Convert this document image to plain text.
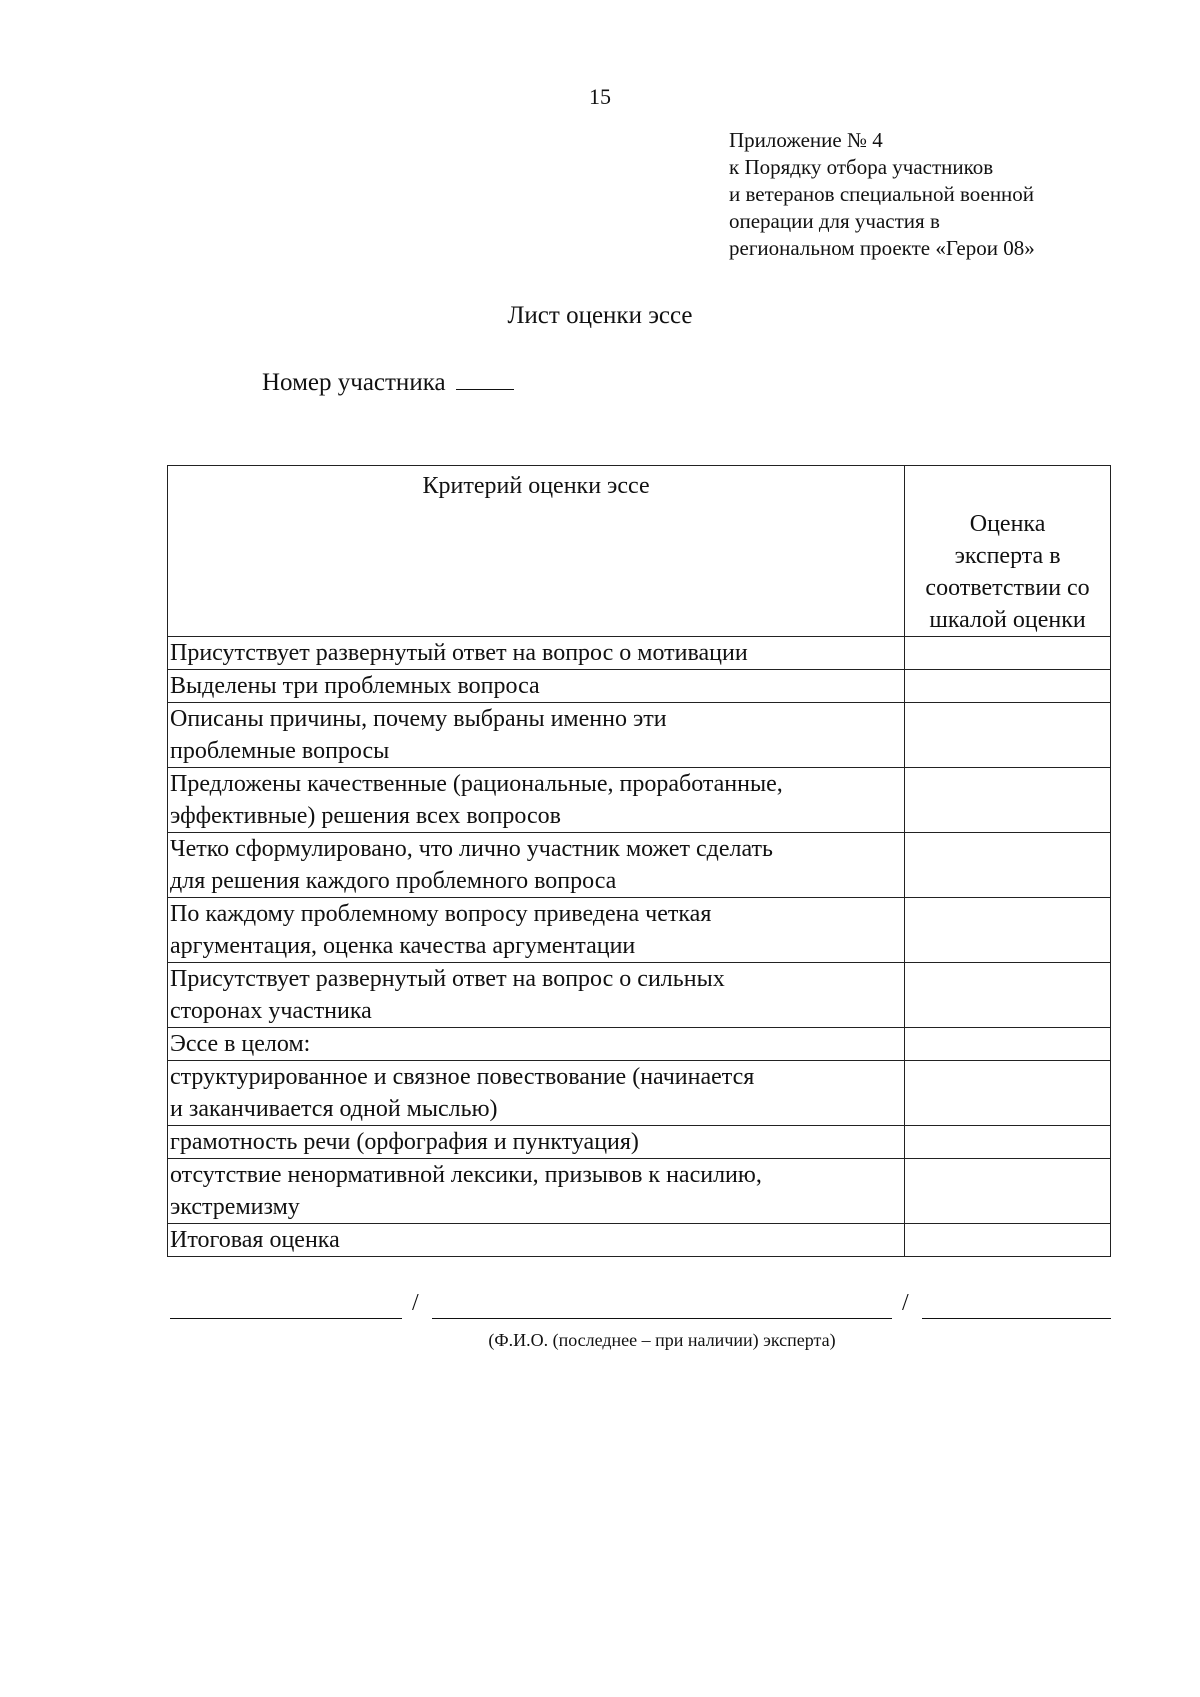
15
Приложение № 4
к Порядку отбора участников
и ветеранов специальной военной
операции для участия в
региональном проекте «Герои 08»
Лист оценки эссе
Номер участника
Критерий оценки эссе	Оценка
эксперта в
соответствии со
шкалой оценки

Присутствует развернутый ответ на вопрос о мотивации	

Выделены три проблемных вопроса	

Описаны причины, почему выбраны именно эти
проблемные вопросы	

Предложены качественные (рациональные, проработанные,
эффективные) решения всех вопросов	

Четко сформулировано, что лично участник может сделать
для решения каждого проблемного вопроса	

По каждому проблемному вопросу приведена четкая
аргументация, оценка качества аргументации	

Присутствует развернутый ответ на вопрос о сильных
сторонах участника	

Эссе в целом:	

структурированное и связное повествование (начинается
и заканчивается одной мыслью)	

грамотность речи (орфография и пунктуация)	

отсутствие ненормативной лексики, призывов к насилию,
экстремизму	

Итоговая оценка	
/	/
(Ф.И.О. (последнее – при наличии) эксперта)
